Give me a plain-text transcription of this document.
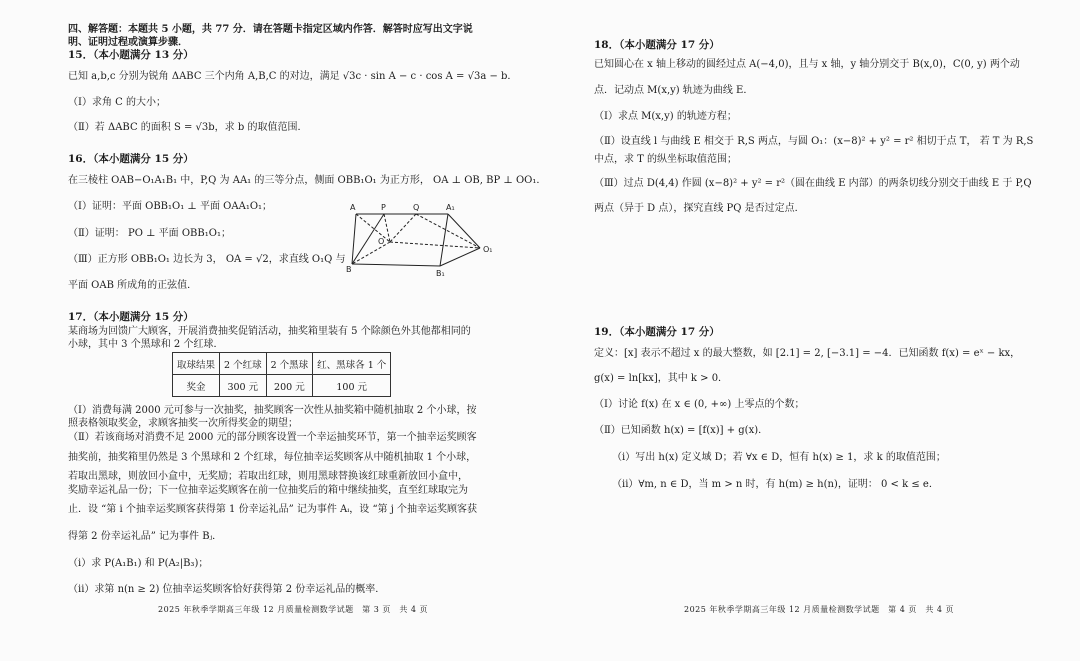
四、解答题：本题共 5 小题，共 77 分．请在答题卡指定区域内作答．解答时应写出文字说
明、证明过程或演算步骤．
15．（本小题满分 13 分）
已知 a,b,c 分别为锐角 ΔABC 三个内角 A,B,C 的对边，满足 √3c · sin A − c · cos A = √3a − b．
（Ⅰ）求角 C 的大小；
（Ⅱ）若 ΔABC 的面积 S = √3b，求 b 的取值范围．
16．（本小题满分 15 分）
在三棱柱 OAB−O₁A₁B₁ 中，P,Q 为 AA₁ 的三等分点，侧面 OBB₁O₁ 为正方形， OA ⊥ OB, BP ⊥ OO₁．
（Ⅰ）证明：平面 OBB₁O₁ ⊥ 平面 OAA₁O₁；
（Ⅱ）证明： PO ⊥ 平面 OBB₁O₁；
（Ⅲ）正方形 OBB₁O₁ 边长为 3， OA = √2，求直线 O₁Q 与
平面 OAB 所成角的正弦值．
A	P	Q	A₁
O
O₁
B	B₁
17．（本小题满分 15 分）
某商场为回馈广大顾客，开展消费抽奖促销活动，抽奖箱里装有 5 个除颜色外其他都相同的
小球，其中 3 个黑球和 2 个红球．
取球结果	2 个红球	2 个黑球	红、黑球各 1 个
奖金	300 元	200 元	100 元
（Ⅰ）消费每满 2000 元可参与一次抽奖，抽奖顾客一次性从抽奖箱中随机抽取 2 个小球，按
照表格领取奖金，求顾客抽奖一次所得奖金的期望；
（Ⅱ）若该商场对消费不足 2000 元的部分顾客设置一个幸运抽奖环节，第一个抽幸运奖顾客
抽奖前，抽奖箱里仍然是 3 个黑球和 2 个红球，每位抽幸运奖顾客从中随机抽取 1 个小球，
若取出黑球，则放回小盒中，无奖励；若取出红球，则用黑球替换该红球重新放回小盒中，
奖励幸运礼品一份；下一位抽幸运奖顾客在前一位抽奖后的箱中继续抽奖，直至红球取完为
止．设 “第 i 个抽幸运奖顾客获得第 1 份幸运礼品” 记为事件 Aᵢ，设 “第 j 个抽幸运奖顾客获
得第 2 份幸运礼品” 记为事件 Bⱼ．
（i）求 P(A₁B₁) 和 P(A₂|B₃)；
（ii）求第 n(n ≥ 2) 位抽幸运奖顾客恰好获得第 2 份幸运礼品的概率．
2025 年秋季学期高三年级 12 月质量检测数学试题　第 3 页　共 4 页
18．（本小题满分 17 分）
已知圆心在 x 轴上移动的圆经过点 A(−4,0)，且与 x 轴，y 轴分别交于 B(x,0)，C(0, y) 两个动
点．记动点 M(x,y) 轨迹为曲线 E．
（Ⅰ）求点 M(x,y) 的轨迹方程；
（Ⅱ）设直线 l 与曲线 E 相交于 R,S 两点，与圆 O₁：(x−8)² + y² = r² 相切于点 T， 若 T 为 R,S
中点，求 T 的纵坐标取值范围；
（Ⅲ）过点 D(4,4) 作圆 (x−8)² + y² = r²（圆在曲线 E 内部）的两条切线分别交于曲线 E 于 P,Q
两点（异于 D 点），探究直线 PQ 是否过定点．
19．（本小题满分 17 分）
定义：[x] 表示不超过 x 的最大整数，如 [2.1] = 2, [−3.1] = −4．已知函数 f(x) = eˣ − kx，
g(x) = ln[kx]，其中 k > 0．
（Ⅰ）讨论 f(x) 在 x ∈ (0, +∞) 上零点的个数；
（Ⅱ）已知函数 h(x) = [f(x)] + g(x)．
（i）写出 h(x) 定义域 D；若 ∀x ∈ D，恒有 h(x) ≥ 1，求 k 的取值范围；
（ii）∀m, n ∈ D，当 m > n 时，有 h(m) ≥ h(n)，证明： 0 < k ≤ e．
2025 年秋季学期高三年级 12 月质量检测数学试题　第 4 页　共 4 页
